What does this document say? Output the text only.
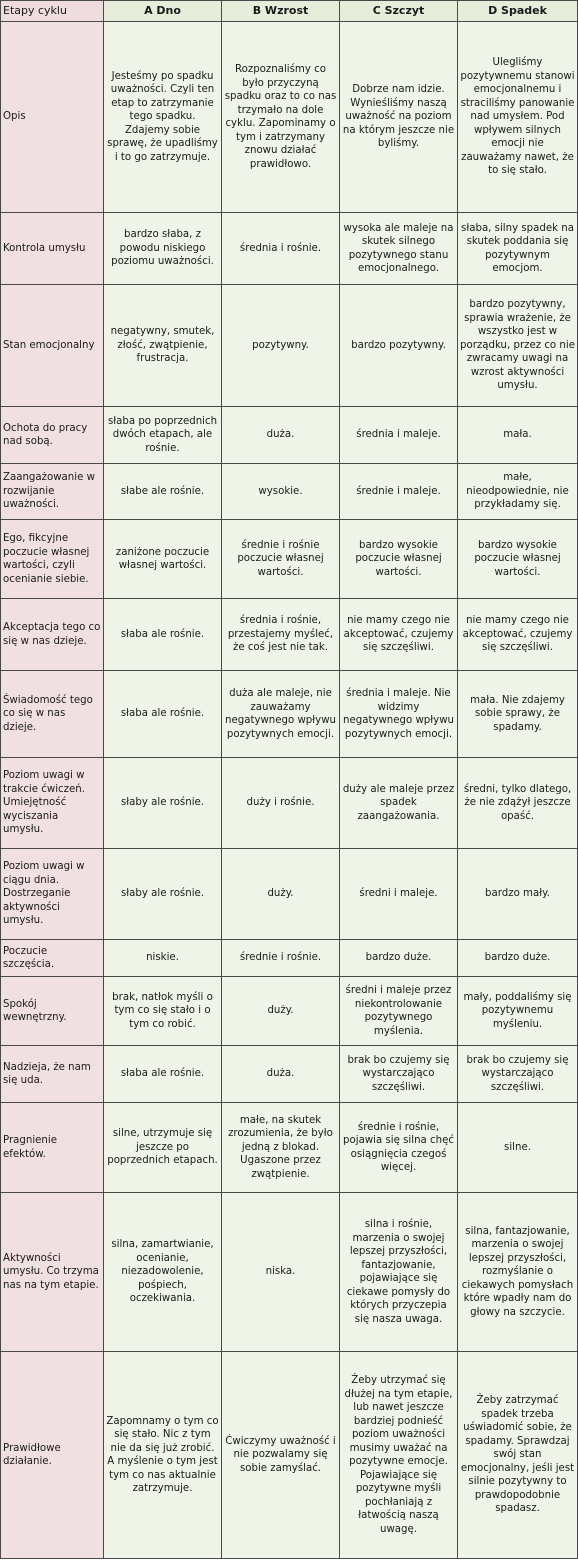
Etapy cyklu	A Dno	B Wzrost	C Szczyt	D Spadek
Opis	Jesteśmy po spadku uważności. Czyli ten etap to zatrzymanie tego spadku. Zdajemy sobie sprawę, że upadliśmy i to go zatrzymuje.	Rozpoznaliśmy co było przyczyną spadku oraz to co nas trzymało na dole cyklu. Zapominamy o tym i zatrzymany znowu działać prawidłowo.	Dobrze nam idzie. Wynieśliśmy naszą uważność na poziom na którym jeszcze nie byliśmy.	Ulegliśmy pozytywnemu stanowi emocjonalnemu i straciliśmy panowanie nad umysłem. Pod wpływem silnych emocji nie zauważamy nawet, że to się stało.
Kontrola umysłu	bardzo słaba, z powodu niskiego poziomu uważności.	średnia i rośnie.	wysoka ale maleje na skutek silnego pozytywnego stanu emocjonalnego.	słaba, silny spadek na skutek poddania się pozytywnym emocjom.
Stan emocjonalny	negatywny, smutek, złość, zwątpienie, frustracja.	pozytywny.	bardzo pozytywny.	bardzo pozytywny, sprawia wrażenie, że wszystko jest w porządku, przez co nie zwracamy uwagi na wzrost aktywności umysłu.
Ochota do pracy nad sobą.	słaba po poprzednich dwóch etapach, ale rośnie.	duża.	średnia i maleje.	mała.
Zaangażowanie w rozwijanie uważności.	słabe ale rośnie.	wysokie.	średnie i maleje.	małe, nieodpowiednie, nie przykładamy się.
Ego, fikcyjne poczucie własnej wartości, czyli ocenianie siebie.	zaniżone poczucie własnej wartości.	średnie i rośnie poczucie własnej wartości.	bardzo wysokie poczucie własnej wartości.	bardzo wysokie poczucie własnej wartości.
Akceptacja tego co się w nas dzieje.	słaba ale rośnie.	średnia i rośnie, przestajemy myśleć, że coś jest nie tak.	nie mamy czego nie akceptować, czujemy się szczęśliwi.	nie mamy czego nie akceptować, czujemy się szczęśliwi.
Świadomość tego co się w nas dzieje.	słaba ale rośnie.	duża ale maleje, nie zauważamy negatywnego wpływu pozytywnych emocji.	średnia i maleje. Nie widzimy negatywnego wpływu pozytywnych emocji.	mała. Nie zdajemy sobie sprawy, że spadamy.
Poziom uwagi w trakcie ćwiczeń. Umiejętność wyciszania umysłu.	słaby ale rośnie.	duży i rośnie.	duży ale maleje przez spadek zaangażowania.	średni, tylko dlatego, że nie zdążył jeszcze opaść.
Poziom uwagi w ciągu dnia. Dostrzeganie aktywności umysłu.	słaby ale rośnie.	duży.	średni i maleje.	bardzo mały.
Poczucie szczęścia.	niskie.	średnie i rośnie.	bardzo duże.	bardzo duże.
Spokój wewnętrzny.	brak, natłok myśli o tym co się stało i o tym co robić.	duży.	średni i maleje przez niekontrolowanie pozytywnego myślenia.	mały, poddaliśmy się pozytywnemu myśleniu.
Nadzieja, że nam się uda.	słaba ale rośnie.	duża.	brak bo czujemy się wystarczająco szczęśliwi.	brak bo czujemy się wystarczająco szczęśliwi.
Pragnienie efektów.	silne, utrzymuje się jeszcze po poprzednich etapach.	małe, na skutek zrozumienia, że było jedną z blokad. Ugaszone przez zwątpienie.	średnie i rośnie, pojawia się silna chęć osiągnięcia czegoś więcej.	silne.
Aktywności umysłu. Co trzyma nas na tym etapie.	silna, zamartwianie, ocenianie, niezadowolenie, pośpiech, oczekiwania.	niska.	silna i rośnie, marzenia o swojej lepszej przyszłości, fantazjowanie, pojawiające się ciekawe pomysły do których przyczepia się nasza uwaga.	silna, fantazjowanie, marzenia o swojej lepszej przyszłości, rozmyślanie o ciekawych pomysłach które wpadły nam do głowy na szczycie.
Prawidłowe działanie.	Zapomnamy o tym co się stało. Nic z tym nie da się już zrobić. A myślenie o tym jest tym co nas aktualnie zatrzymuje.	Ćwiczymy uważność i nie pozwalamy się sobie zamyślać.	Żeby utrzymać się dłużej na tym etapie, lub nawet jeszcze bardziej podnieść poziom uważności musimy uważać na pozytywne emocje. Pojawiające się pozytywne myśli pochłaniają z łatwością naszą uwagę.	Żeby zatrzymać spadek trzeba uświadomić sobie, że spadamy. Sprawdzaj swój stan emocjonalny, jeśli jest silnie pozytywny to prawdopodobnie spadasz.
